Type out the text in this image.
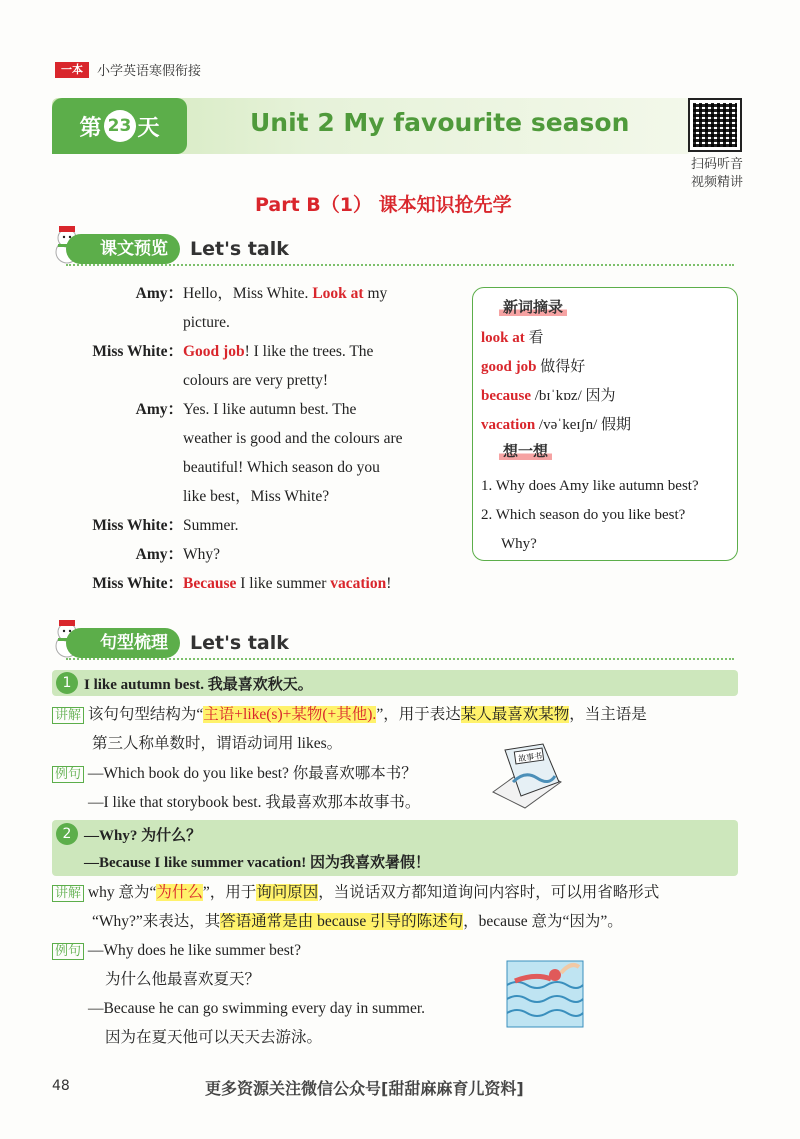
一本	小学英语寒假衔接
第 23 天	Unit 2 My favourite season
扫码听音
视频精讲
Part B（1） 课本知识抢先学
课文预览	Let's talk
Amy： Hello，Miss White. Look at my
picture.
Miss White： Good job! I like the trees. The
colours are very pretty!
Amy： Yes. I like autumn best. The
weather is good and the colours are
beautiful! Which season do you
like best，Miss White?
Miss White： Summer.
Amy： Why?
Miss White： Because I like summer vacation!
新词摘录
look at 看
good job 做得好
because /bɪˈkɒz/ 因为
vacation /vəˈkeɪʃn/ 假期
想一想
1. Why does Amy like autumn best?
2. Which season do you like best?
Why?
句型梳理	Let's talk
1 I like autumn best. 我最喜欢秋天。
讲解 该句句型结构为“主语+like(s)+某物(+其他).”，用于表达某人最喜欢某物，当主语是
第三人称单数时，谓语动词用 likes。
例句 —Which book do you like best? 你最喜欢哪本书？
—I like that storybook best. 我最喜欢那本故事书。
故事书
2 —Why? 为什么？
—Because I like summer vacation! 因为我喜欢暑假！
讲解 why 意为“为什么”，用于询问原因，当说话双方都知道询问内容时，可以用省略形式
“Why?”来表达，其答语通常是由 because 引导的陈述句，because 意为“因为”。
例句 —Why does he like summer best?
为什么他最喜欢夏天？
—Because he can go swimming every day in summer.
因为在夏天他可以天天去游泳。
48	更多资源关注微信公众号[甜甜麻麻育儿资料]
